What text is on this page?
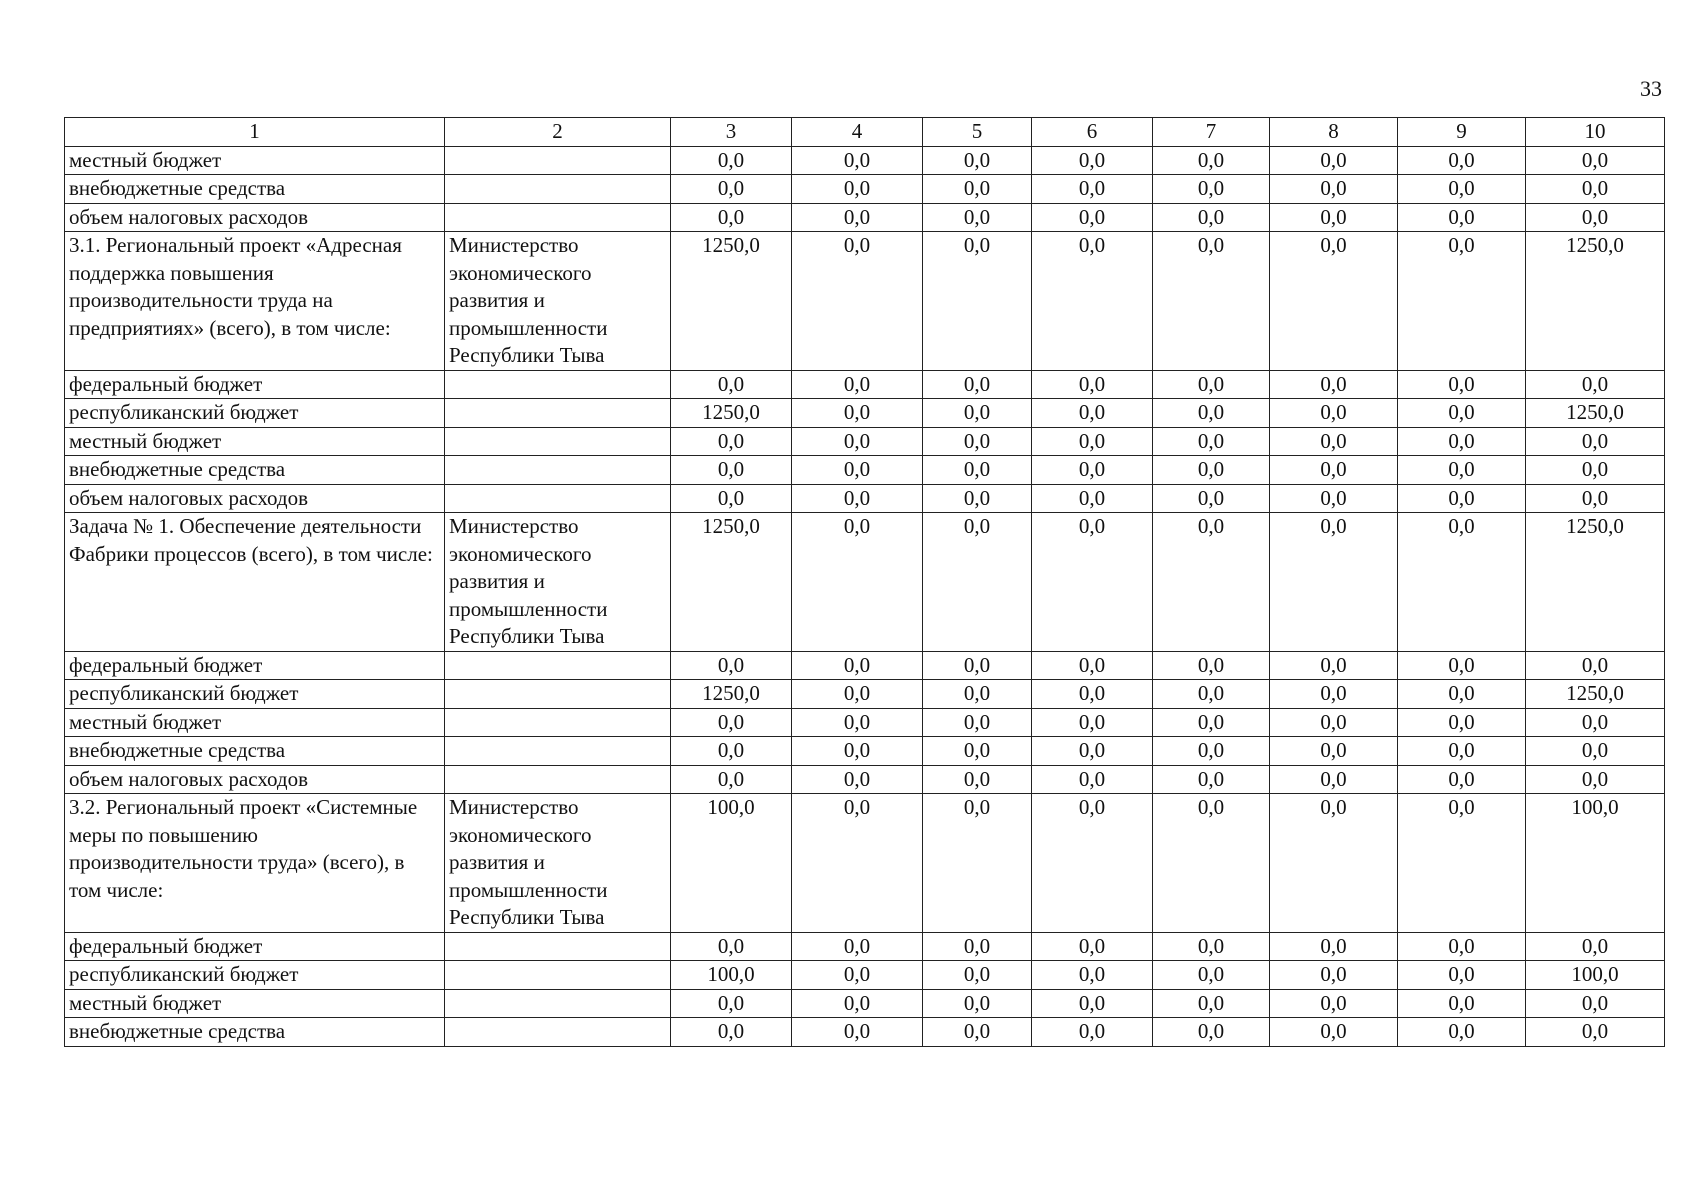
33
1	2	3	4	5	6	7	8	9	10
местный бюджет		0,0	0,0	0,0	0,0	0,0	0,0	0,0	0,0
внебюджетные средства		0,0	0,0	0,0	0,0	0,0	0,0	0,0	0,0
объем налоговых расходов		0,0	0,0	0,0	0,0	0,0	0,0	0,0	0,0
3.1. Региональный проект «Адресная поддержка повышения производительности труда на предприятиях» (всего), в том числе:	Министерство экономического развития и промышленности Республики Тыва	1250,0	0,0	0,0	0,0	0,0	0,0	0,0	1250,0
федеральный бюджет		0,0	0,0	0,0	0,0	0,0	0,0	0,0	0,0
республиканский бюджет		1250,0	0,0	0,0	0,0	0,0	0,0	0,0	1250,0
местный бюджет		0,0	0,0	0,0	0,0	0,0	0,0	0,0	0,0
внебюджетные средства		0,0	0,0	0,0	0,0	0,0	0,0	0,0	0,0
объем налоговых расходов		0,0	0,0	0,0	0,0	0,0	0,0	0,0	0,0
Задача № 1. Обеспечение деятельности Фабрики процессов (всего), в том числе:	Министерство экономического развития и промышленности Республики Тыва	1250,0	0,0	0,0	0,0	0,0	0,0	0,0	1250,0
федеральный бюджет		0,0	0,0	0,0	0,0	0,0	0,0	0,0	0,0
республиканский бюджет		1250,0	0,0	0,0	0,0	0,0	0,0	0,0	1250,0
местный бюджет		0,0	0,0	0,0	0,0	0,0	0,0	0,0	0,0
внебюджетные средства		0,0	0,0	0,0	0,0	0,0	0,0	0,0	0,0
объем налоговых расходов		0,0	0,0	0,0	0,0	0,0	0,0	0,0	0,0
3.2. Региональный проект «Системные меры по повышению производительности труда» (всего), в том числе:	Министерство экономического развития и промышленности Республики Тыва	100,0	0,0	0,0	0,0	0,0	0,0	0,0	100,0
федеральный бюджет		0,0	0,0	0,0	0,0	0,0	0,0	0,0	0,0
республиканский бюджет		100,0	0,0	0,0	0,0	0,0	0,0	0,0	100,0
местный бюджет		0,0	0,0	0,0	0,0	0,0	0,0	0,0	0,0
внебюджетные средства		0,0	0,0	0,0	0,0	0,0	0,0	0,0	0,0
